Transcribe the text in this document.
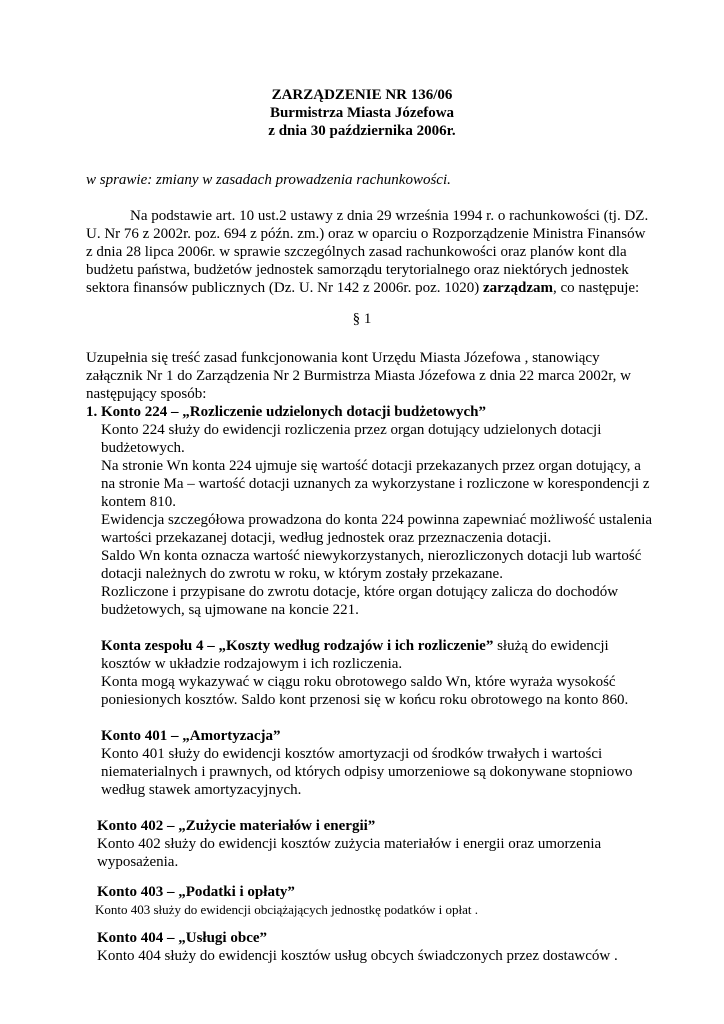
ZARZĄDZENIE NR 136/06
Burmistrza Miasta Józefowa
z dnia 30 października 2006r.
w sprawie: zmiany w zasadach prowadzenia rachunkowości.
Na podstawie art. 10 ust.2 ustawy z dnia 29 września 1994 r. o rachunkowości (tj. DZ.
U. Nr 76 z 2002r. poz. 694 z późn. zm.) oraz w oparciu o Rozporządzenie Ministra Finansów
z dnia 28 lipca 2006r. w sprawie szczególnych zasad rachunkowości oraz planów kont dla
budżetu państwa, budżetów jednostek samorządu terytorialnego oraz niektórych jednostek
sektora finansów publicznych (Dz. U. Nr 142 z 2006r. poz. 1020) zarządzam, co następuje:
§ 1
Uzupełnia się treść zasad funkcjonowania kont Urzędu Miasta Józefowa , stanowiący
załącznik Nr 1 do Zarządzenia Nr 2 Burmistrza Miasta Józefowa z dnia 22 marca 2002r, w
następujący sposób:
1. Konto 224 – „Rozliczenie udzielonych dotacji budżetowych”
Konto 224 służy do ewidencji rozliczenia przez organ dotujący udzielonych dotacji
budżetowych.
Na stronie Wn konta 224 ujmuje się wartość dotacji przekazanych przez organ dotujący, a
na stronie Ma – wartość dotacji uznanych za wykorzystane i rozliczone w korespondencji z
kontem 810.
Ewidencja szczegółowa prowadzona do konta 224 powinna zapewniać możliwość ustalenia
wartości przekazanej dotacji, według jednostek oraz przeznaczenia dotacji.
Saldo Wn konta oznacza wartość niewykorzystanych, nierozliczonych dotacji lub wartość
dotacji należnych do zwrotu w roku, w którym zostały przekazane.
Rozliczone i przypisane do zwrotu dotacje, które organ dotujący zalicza do dochodów
budżetowych, są ujmowane na koncie 221.
Konta zespołu 4 – „Koszty według rodzajów i ich rozliczenie” służą do ewidencji
kosztów w układzie rodzajowym i ich rozliczenia.
Konta mogą wykazywać w ciągu roku obrotowego saldo Wn, które wyraża wysokość
poniesionych kosztów. Saldo kont przenosi się w końcu roku obrotowego na konto 860.
Konto 401 – „Amortyzacja”
Konto 401 służy do ewidencji kosztów amortyzacji od środków trwałych i wartości
niematerialnych i prawnych, od których odpisy umorzeniowe są dokonywane stopniowo
według stawek amortyzacyjnych.
Konto 402 – „Zużycie materiałów i energii”
Konto 402 służy do ewidencji kosztów zużycia materiałów i energii oraz umorzenia
wyposażenia.
Konto 403 – „Podatki i opłaty”
Konto 403 służy do ewidencji obciążających jednostkę podatków i opłat .
Konto 404 – „Usługi obce”
Konto 404 służy do ewidencji kosztów usług obcych świadczonych przez dostawców .
